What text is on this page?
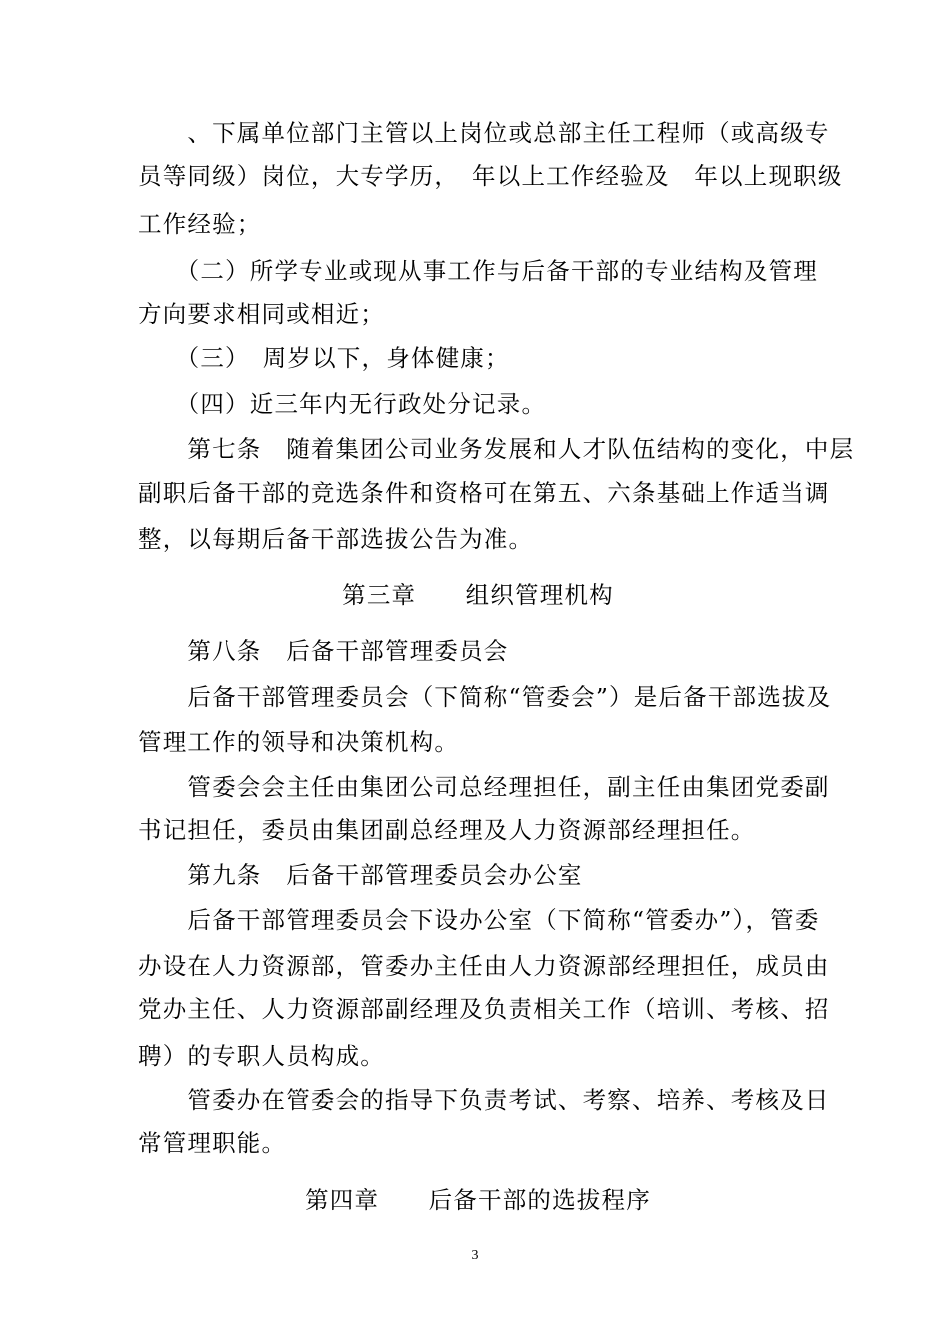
　　、下属单位部门主管以上岗位或总部主任工程师（或高级专
员等同级）岗位，大专学历，　年以上工作经验及　年以上现职级
工作经验；
　　（二）所学专业或现从事工作与后备干部的专业结构及管理
方向要求相同或相近；
　　（三）　周岁以下，身体健康；
　　（四）近三年内无行政处分记录。
　　第七条　随着集团公司业务发展和人才队伍结构的变化，中层
副职后备干部的竞选条件和资格可在第五、六条基础上作适当调
整，以每期后备干部选拔公告为准。
第三章　　组织管理机构
　　第八条　后备干部管理委员会
　　后备干部管理委员会（下简称“管委会”）是后备干部选拔及
管理工作的领导和决策机构。
　　管委会会主任由集团公司总经理担任，副主任由集团党委副
书记担任，委员由集团副总经理及人力资源部经理担任。
　　第九条　后备干部管理委员会办公室
　　后备干部管理委员会下设办公室（下简称“管委办”），管委
办设在人力资源部，管委办主任由人力资源部经理担任，成员由
党办主任、人力资源部副经理及负责相关工作（培训、考核、招
聘）的专职人员构成。
　　管委办在管委会的指导下负责考试、考察、培养、考核及日
常管理职能。
第四章　　后备干部的选拔程序
3
